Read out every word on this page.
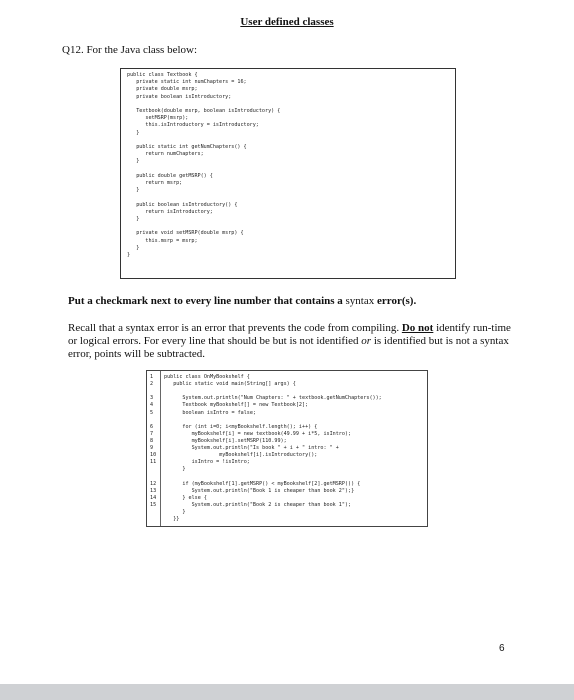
User defined classes
Q12. For the Java class below:
public class Textbook {
private static int numChapters = 16;
private double msrp;
private boolean isIntroductory;
Textbook(double msrp, boolean isIntroductory) {
setMSRP(msrp);
this.isIntroductory = isIntroductory;
}
public static int getNumChapters() {
return numChapters;
}
public double getMSRP() {
return msrp;
}
public boolean isIntroductory() {
return isIntroductory;
}
private void setMSRP(double msrp) {
this.msrp = msrp;
}
}
Put a checkmark next to every line number that contains a syntax error(s).
Recall that a syntax error is an error that prevents the code from compiling. Do not identify run-time or logical errors. For every line that should be but is not identified or is identified but is not a syntax error, points will be subtracted.
1	public class OnMyBookshelf {
2	public static void main(String[] args) {
3	System.out.println("Num Chapters: " + textbook.getNumChapters());
4	Textbook myBookshelf[] = new Textbook[2];
5	boolean isIntro = false;
6	for (int i=0; i<myBookshelf.length(); i++) {
7	myBookshelf[i] = new textbook(49.99 + i*5, isIntro);
8	myBookshelf[i].setMSRP(110.99);
9	System.out.println("Is book " + i + " intro: " +
10	myBookshelf[i].isIntroductory();
11	isIntro = !isIntro;
}
12	if (myBookshelf[1].getMSRP() < myBookshelf[2].getMSRP()) {
13	System.out.println("Book 1 is cheaper than book 2");}
14	} else {
15	System.out.println("Book 2 is cheaper than book 1");
}
}}
6
